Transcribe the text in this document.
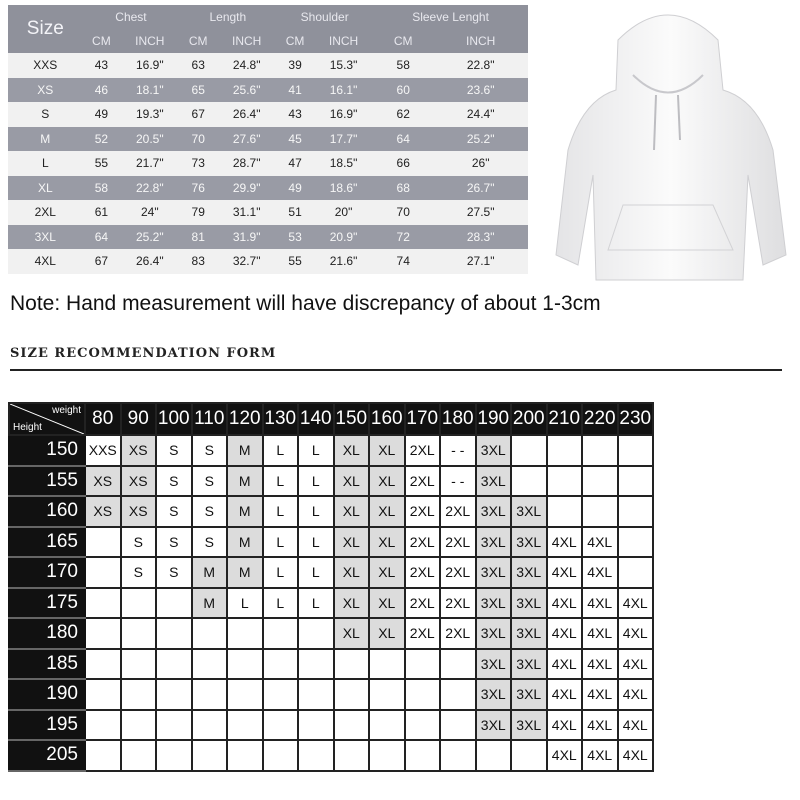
Size	Chest		Length		Shoulder		Sleeve Lenght	
	CM	INCH	CM	INCH	CM	INCH	CM	INCH
XXS	43	16.9"	63	24.8"	39	15.3"	58	22.8"
XS	46	18.1"	65	25.6"	41	16.1"	60	23.6"
S	49	19.3"	67	26.4"	43	16.9"	62	24.4"
M	52	20.5"	70	27.6"	45	17.7"	64	25.2"
L	55	21.7"	73	28.7"	47	18.5"	66	26"
XL	58	22.8"	76	29.9"	49	18.6"	68	26.7"
2XL	61	24"	79	31.1"	51	20"	70	27.5"
3XL	64	25.2"	81	31.9"	53	20.9"	72	28.3"
4XL	67	26.4"	83	32.7"	55	21.6"	74	27.1"
Note: Hand measurement will have discrepancy of about 1-3cm
SIZE RECOMMENDATION FORM
weight
Height	80	90	100	110	120	130	140	150	160	170	180	190	200	210	220	230
150	XXS	XS	S	S	M	L	L	XL	XL	2XL	- -	3XL				
155	XS	XS	S	S	M	L	L	XL	XL	2XL	- -	3XL				
160	XS	XS	S	S	M	L	L	XL	XL	2XL	2XL	3XL	3XL			
165		S	S	S	M	L	L	XL	XL	2XL	2XL	3XL	3XL	4XL	4XL	
170		S	S	M	M	L	L	XL	XL	2XL	2XL	3XL	3XL	4XL	4XL	
175				M	L	L	L	XL	XL	2XL	2XL	3XL	3XL	4XL	4XL	4XL
180								XL	XL	2XL	2XL	3XL	3XL	4XL	4XL	4XL
185												3XL	3XL	4XL	4XL	4XL
190												3XL	3XL	4XL	4XL	4XL
195												3XL	3XL	4XL	4XL	4XL
205														4XL	4XL	4XL
